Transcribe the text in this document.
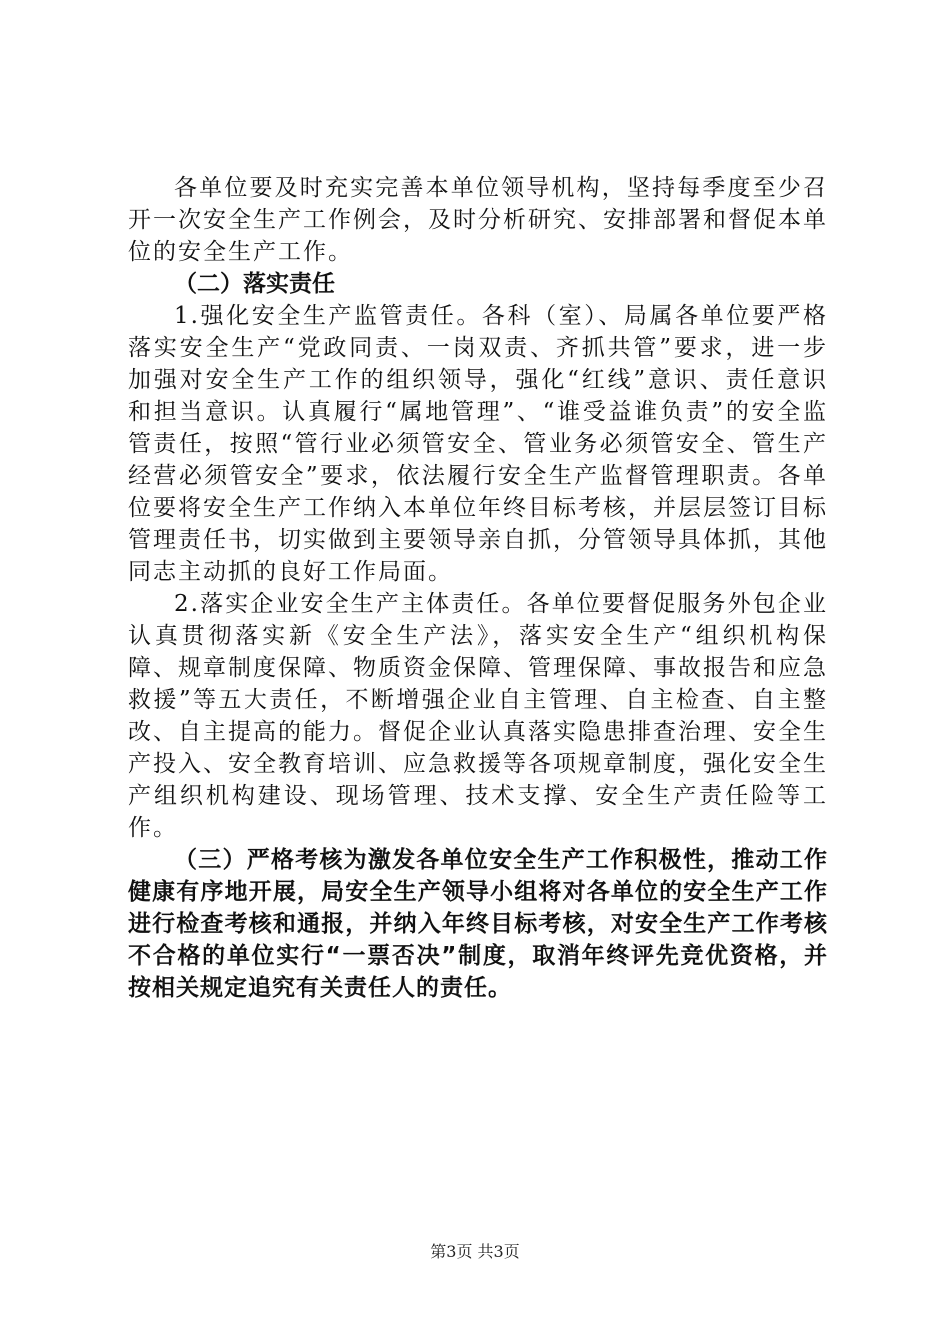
各单位要及时充实完善本单位领导机构，坚持每季度至少召开一次安全生产工作例会，及时分析研究、安排部署和督促本单位的安全生产工作。

（二）落实责任

1.强化安全生产监管责任。各科（室）、局属各单位要严格落实安全生产“党政同责、一岗双责、齐抓共管”要求，进一步加强对安全生产工作的组织领导，强化“红线”意识、责任意识和担当意识。认真履行“属地管理”、“谁受益谁负责”的安全监管责任，按照“管行业必须管安全、管业务必须管安全、管生产经营必须管安全”要求，依法履行安全生产监督管理职责。各单位要将安全生产工作纳入本单位年终目标考核，并层层签订目标管理责任书，切实做到主要领导亲自抓，分管领导具体抓，其他同志主动抓的良好工作局面。

2.落实企业安全生产主体责任。各单位要督促服务外包企业认真贯彻落实新《安全生产法》，落实安全生产“组织机构保障、规章制度保障、物质资金保障、管理保障、事故报告和应急救援”等五大责任，不断增强企业自主管理、自主检查、自主整改、自主提高的能力。督促企业认真落实隐患排查治理、安全生产投入、安全教育培训、应急救援等各项规章制度，强化安全生产组织机构建设、现场管理、技术支撑、安全生产责任险等工作。

（三）严格考核为激发各单位安全生产工作积极性，推动工作健康有序地开展，局安全生产领导小组将对各单位的安全生产工作进行检查考核和通报，并纳入年终目标考核，对安全生产工作考核不合格的单位实行“一票否决”制度，取消年终评先竞优资格，并按相关规定追究有关责任人的责任。

第3页 共3页
